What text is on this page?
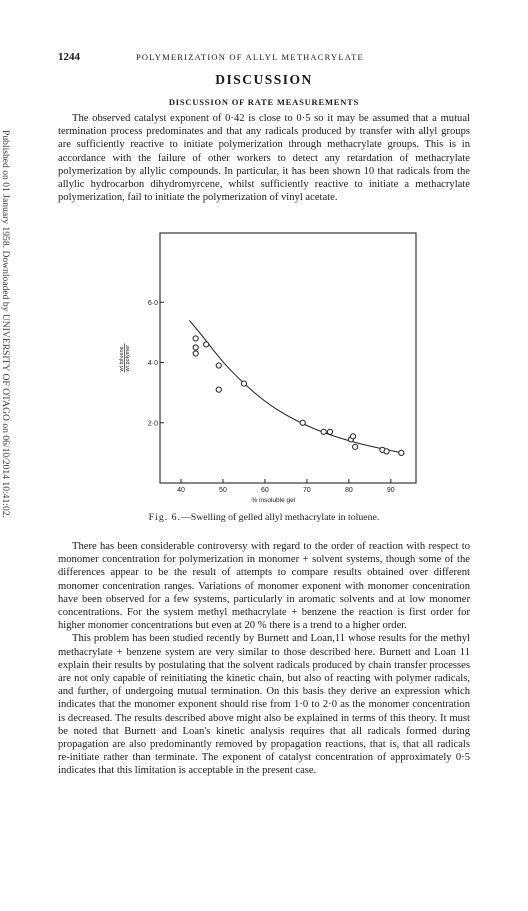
Published on 01 January 1958. Downloaded by UNIVERSITY OF OTAGO on 06/10/2014 10:41:02.
1244	POLYMERIZATION OF ALLYL METHACRYLATE
DISCUSSION
DISCUSSION OF RATE MEASUREMENTS

The observed catalyst exponent of 0·42 is close to 0·5 so it may be assumed that a mutual termination process predominates and that any radicals produced by transfer with allyl groups are sufficiently reactive to initiate polymerization through methacrylate groups. This is in accordance with the failure of other workers to detect any retardation of methacrylate polymerization by allylic compounds. In particular, it has been shown 10 that radicals from the allylic hydrocarbon dihydromyrcene, whilst sufficiently reactive to initiate a methacrylate polymerization, fail to initiate the polymerization of vinyl acetate.

wt toluene wt polymer
40	50	60	70	80	90
2·0
4·0
6·0
% insoluble gel
Fig. 6.—Swelling of gelled allyl methacrylate in toluene.

There has been considerable controversy with regard to the order of reaction with respect to monomer concentration for polymerization in monomer + solvent systems, though some of the differences appear to be the result of attempts to compare results obtained over different monomer concentration ranges. Variations of monomer exponent with monomer concentration have been observed for a few systems, particularly in aromatic solvents and at low monomer concentrations. For the system methyl methacrylate + benzene the reaction is first order for higher monomer concentrations but even at 20 % there is a trend to a higher order.

This problem has been studied recently by Burnett and Loan,11 whose results for the methyl methacrylate + benzene system are very similar to those described here. Burnett and Loan 11 explain their results by postulating that the solvent radicals produced by chain transfer processes are not only capable of reinitiating the kinetic chain, but also of reacting with polymer radicals, and further, of undergoing mutual termination. On this basis they derive an expression which indicates that the monomer exponent should rise from 1·0 to 2·0 as the monomer concentration is decreased. The results described above might also be explained in terms of this theory. It must be noted that Burnett and Loan's kinetic analysis requires that all radicals formed during propagation are also predominantly removed by propagation reactions, that is, that all radicals re-initiate rather than terminate. The exponent of catalyst concentration of approximately 0·5 indicates that this limitation is acceptable in the present case.
